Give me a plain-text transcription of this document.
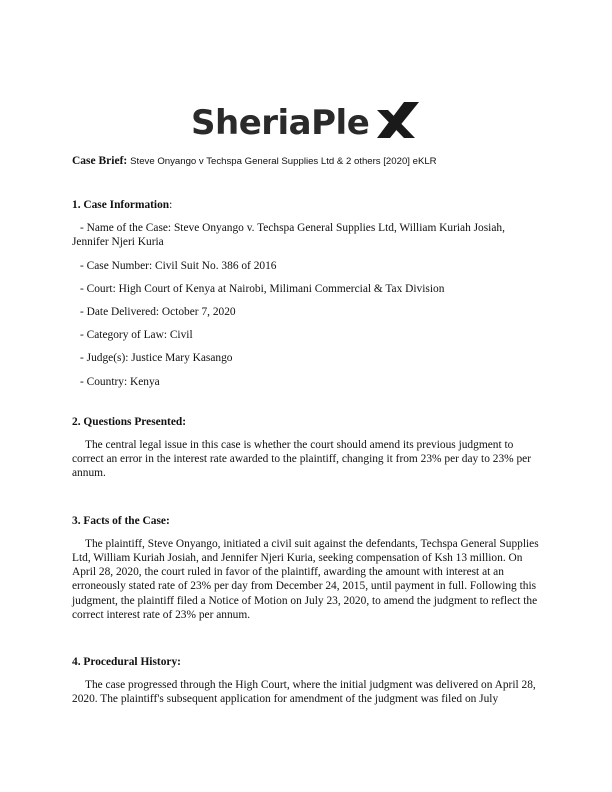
SheriaPle
Case Brief: Steve Onyango v Techspa General Supplies Ltd & 2 others [2020] eKLR
1. Case Information:
- Name of the Case: Steve Onyango v. Techspa General Supplies Ltd, William Kuriah Josiah, Jennifer Njeri Kuria
- Case Number: Civil Suit No. 386 of 2016
- Court: High Court of Kenya at Nairobi, Milimani Commercial & Tax Division
- Date Delivered: October 7, 2020
- Category of Law: Civil
- Judge(s): Justice Mary Kasango
- Country: Kenya
2. Questions Presented:

The central legal issue in this case is whether the court should amend its previous judgment to correct an error in the interest rate awarded to the plaintiff, changing it from 23% per day to 23% per annum.

3. Facts of the Case:

The plaintiff, Steve Onyango, initiated a civil suit against the defendants, Techspa General Supplies Ltd, William Kuriah Josiah, and Jennifer Njeri Kuria, seeking compensation of Ksh 13 million. On April 28, 2020, the court ruled in favor of the plaintiff, awarding the amount with interest at an erroneously stated rate of 23% per day from December 24, 2015, until payment in full. Following this judgment, the plaintiff filed a Notice of Motion on July 23, 2020, to amend the judgment to reflect the correct interest rate of 23% per annum.

4. Procedural History:

The case progressed through the High Court, where the initial judgment was delivered on April 28, 2020. The plaintiff's subsequent application for amendment of the judgment was filed on July
